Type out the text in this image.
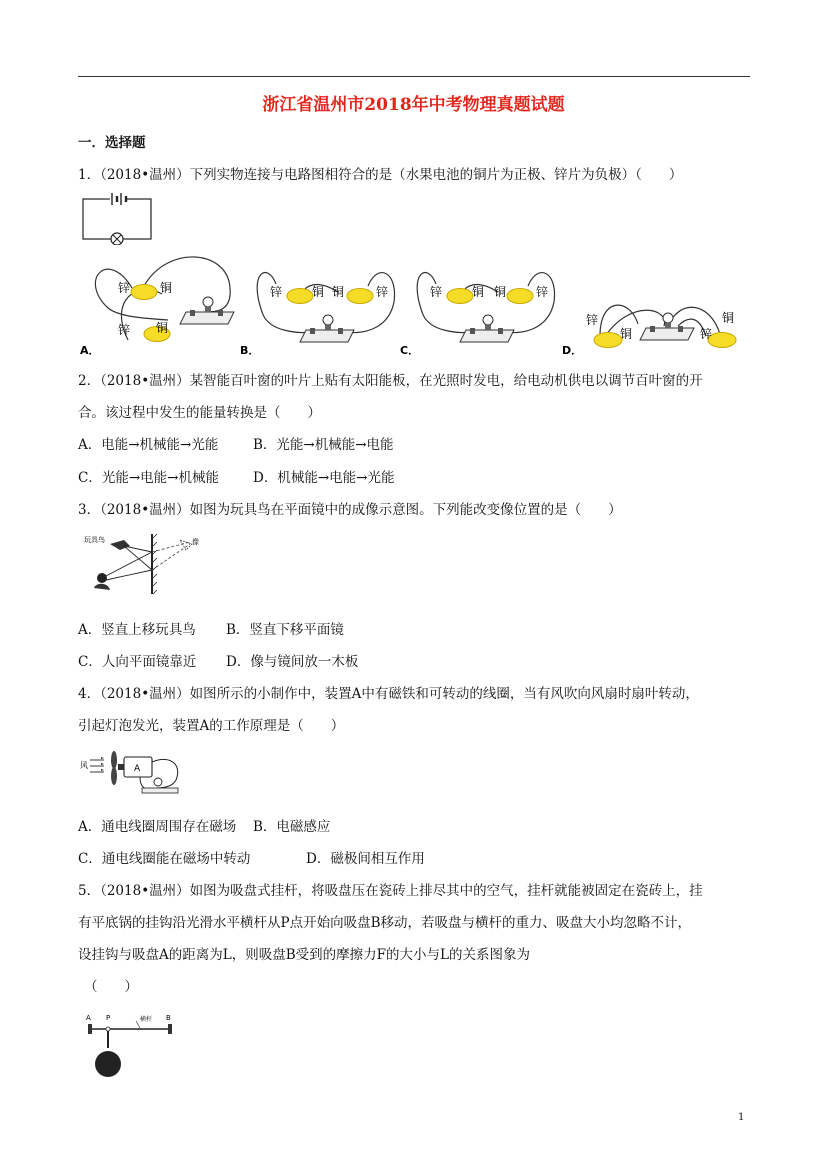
浙江省温州市2018年中考物理真题试题
一．选择题
1．（2018•温州）下列实物连接与电路图相符合的是（水果电池的铜片为正极、锌片为负极）（　　）
锌 铜
锌 铜
A．
锌 铜 铜	锌
B．
锌 铜 铜 锌
C．
锌
铜	锌
铜
D．
2．（2018•温州）某智能百叶窗的叶片上贴有太阳能板，在光照时发电，给电动机供电以调节百叶窗的开
合。该过程中发生的能量转换是（　　）
A．电能→机械能→光能	B．光能→机械能→电能
C．光能→电能→机械能	D．机械能→电能→光能
3．（2018•温州）如图为玩具鸟在平面镜中的成像示意图。下列能改变像位置的是（　　）
玩具鸟	像
A．竖直上移玩具鸟 B．竖直下移平面镜
C．人向平面镜靠近 D．像与镜间放一木板
4．（2018•温州）如图所示的小制作中，装置A中有磁铁和可转动的线圈，当有风吹向风扇时扇叶转动，
引起灯泡发光，装置A的工作原理是（　　）
风	A
A．通电线圈周围存在磁场 B．电磁感应
C．通电线圈能在磁场中转动	D．磁极间相互作用
5．（2018•温州）如图为吸盘式挂杆，将吸盘压在瓷砖上排尽其中的空气，挂杆就能被固定在瓷砖上，挂
有平底锅的挂钩沿光滑水平横杆从P点开始向吸盘B移动，若吸盘与横杆的重力、吸盘大小均忽略不计，
设挂钩与吸盘A的距离为L，则吸盘B受到的摩擦力F的大小与L的关系图象为
（　　）
A P	横杆 B
1
